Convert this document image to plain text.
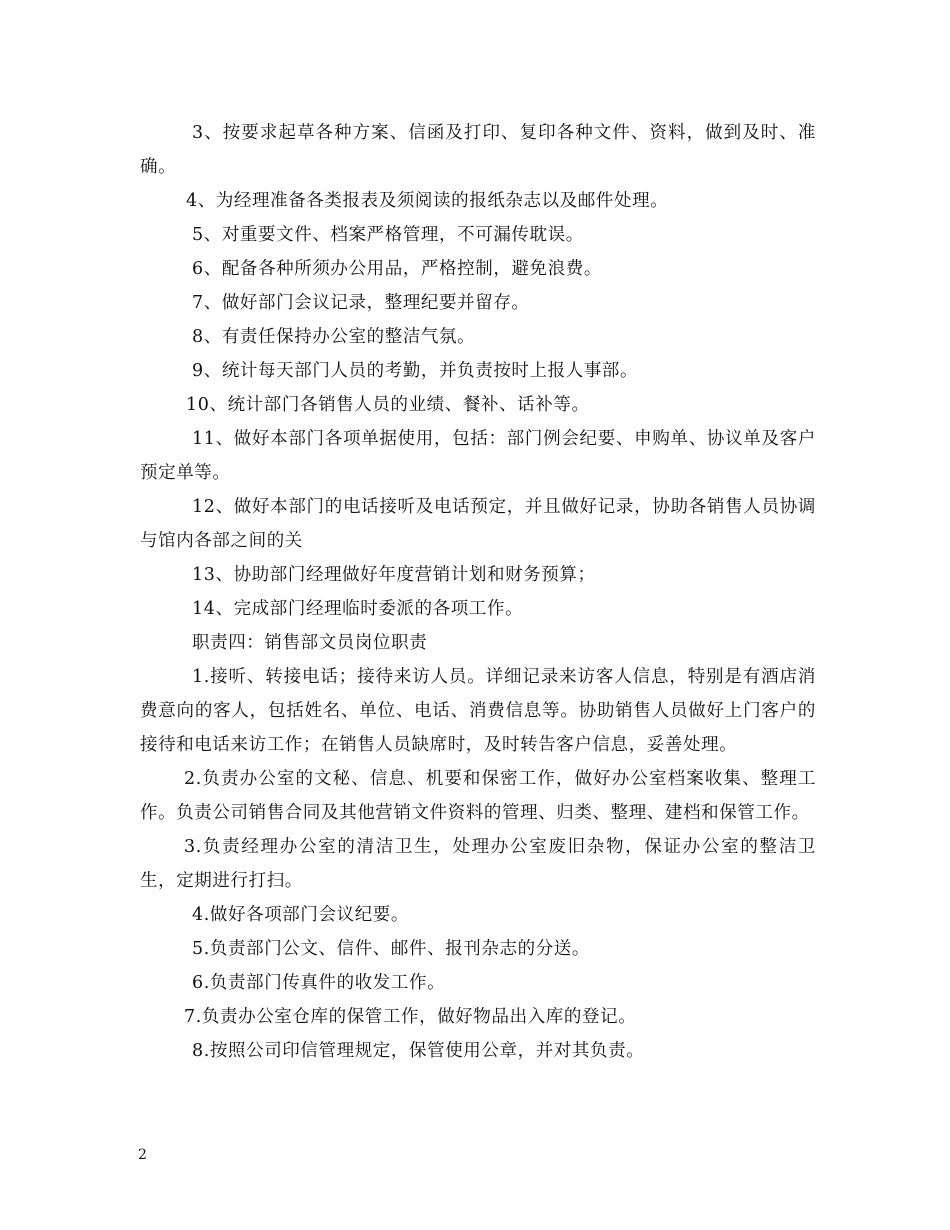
3、按要求起草各种方案、信函及打印、复印各种文件、资料，做到及时、准确。

4、为经理准备各类报表及须阅读的报纸杂志以及邮件处理。

5、对重要文件、档案严格管理，不可漏传耽误。

6、配备各种所须办公用品，严格控制，避免浪费。

7、做好部门会议记录，整理纪要并留存。

8、有责任保持办公室的整洁气氛。

9、统计每天部门人员的考勤，并负责按时上报人事部。

10、统计部门各销售人员的业绩、餐补、话补等。

11、做好本部门各项单据使用，包括：部门例会纪要、申购单、协议单及客户预定单等。

12、做好本部门的电话接听及电话预定，并且做好记录，协助各销售人员协调与馆内各部之间的关

13、协助部门经理做好年度营销计划和财务预算；

14、完成部门经理临时委派的各项工作。

职责四：销售部文员岗位职责

1.接听、转接电话；接待来访人员。详细记录来访客人信息，特别是有酒店消费意向的客人，包括姓名、单位、电话、消费信息等。协助销售人员做好上门客户的接待和电话来访工作；在销售人员缺席时，及时转告客户信息，妥善处理。

2.负责办公室的文秘、信息、机要和保密工作，做好办公室档案收集、整理工作。负责公司销售合同及其他营销文件资料的管理、归类、整理、建档和保管工作。

3.负责经理办公室的清洁卫生，处理办公室废旧杂物，保证办公室的整洁卫生，定期进行打扫。

4.做好各项部门会议纪要。

5.负责部门公文、信件、邮件、报刊杂志的分送。

6.负责部门传真件的收发工作。

7.负责办公室仓库的保管工作，做好物品出入库的登记。

8.按照公司印信管理规定，保管使用公章，并对其负责。

2
